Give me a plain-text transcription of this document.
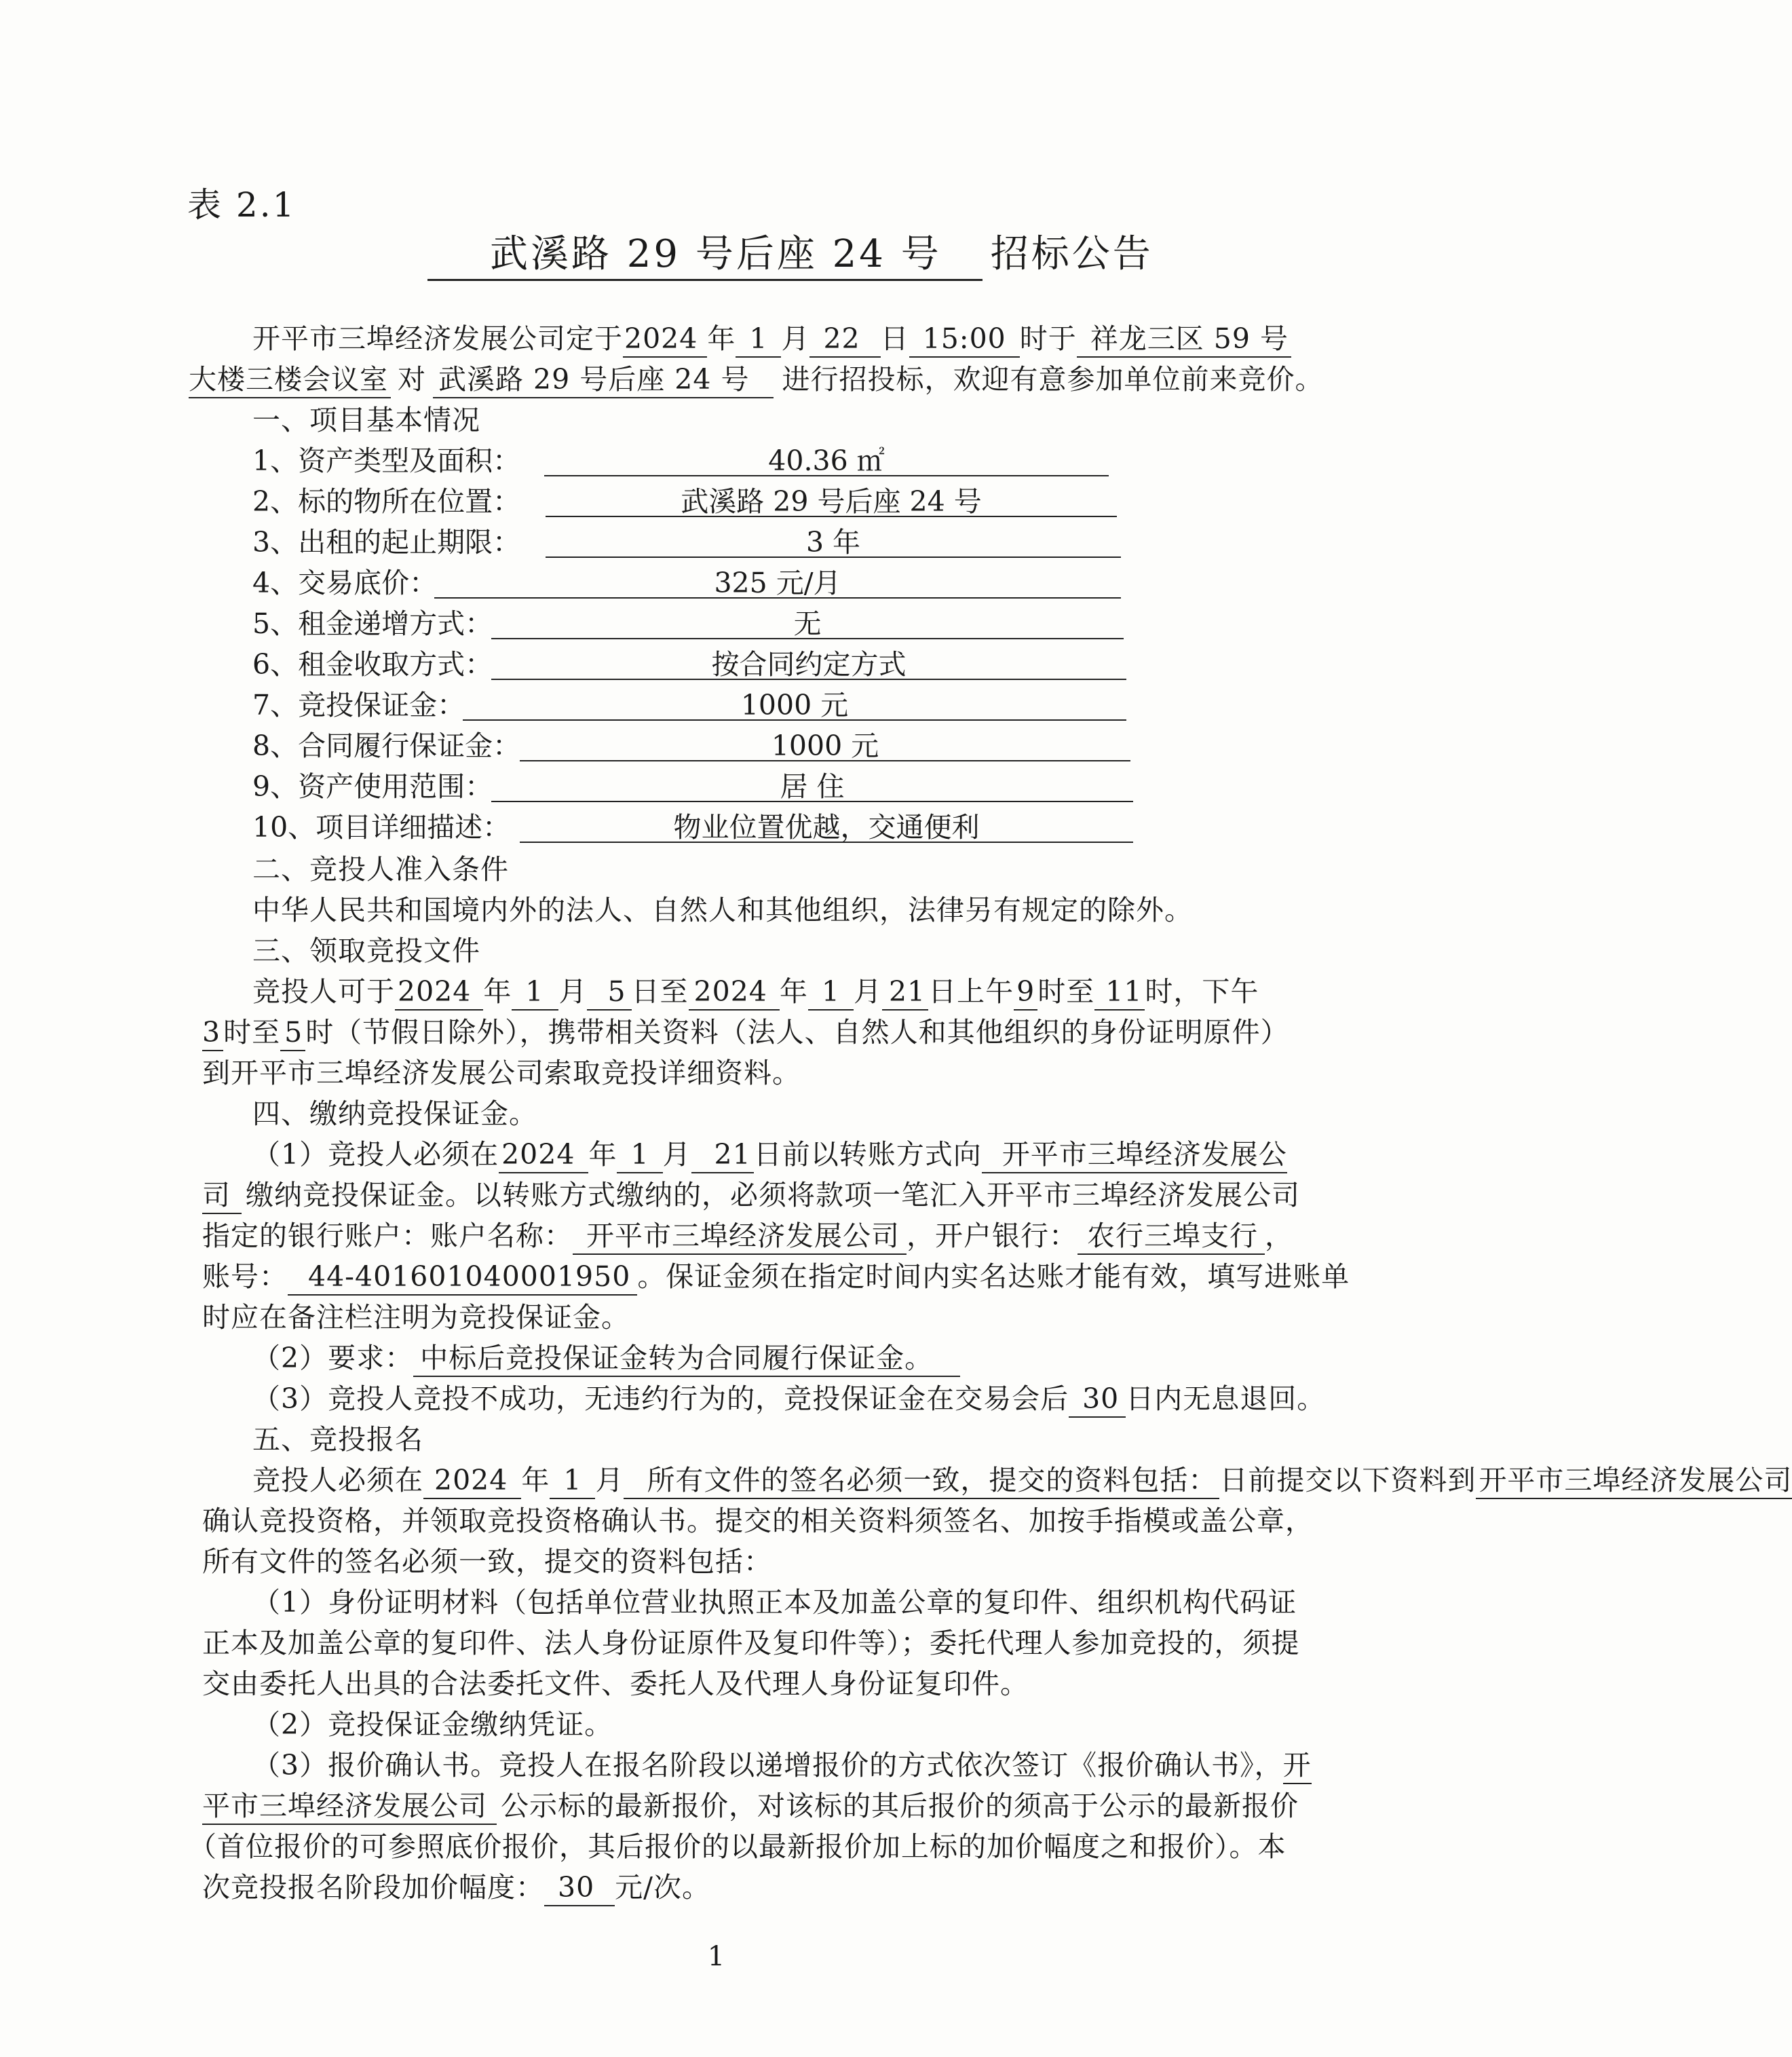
表 2.1
武溪路 29 号后座 24 号 招标公告
开平市三埠经济发展公司定于2024 年 1 月 22 日 15:00 时于 祥龙三区 59 号
大楼三楼会议室 对 武溪路 29 号后座 24 号 进行招投标，欢迎有意参加单位前来竞价。
一、项目基本情况
1、资产类型及面积：	40.36 ㎡
2、标的物所在位置：	武溪路 29 号后座 24 号
3、出租的起止期限：	3 年
4、交易底价：	325 元/月
5、租金递增方式：	无
6、租金收取方式：	按合同约定方式
7、竞投保证金：	1000 元
8、合同履行保证金：	1000 元
9、资产使用范围：	居 住
10、项目详细描述：	物业位置优越，交通便利
二、竞投人准入条件
中华人民共和国境内外的法人、自然人和其他组织，法律另有规定的除外。
三、领取竞投文件
竞投人可于2024 年 1 月 5 日至 2024 年 1 月 21日上午9时至 11时，下午
3时至 5时（节假日除外），携带相关资料（法人、自然人和其他组织的身份证明原件）
到开平市三埠经济发展公司索取竞投详细资料。
四、缴纳竞投保证金。
（1）竞投人必须在2024 年 1 月 21日前以转账方式向 开平市三埠经济发展公
司 缴纳竞投保证金。以转账方式缴纳的，必须将款项一笔汇入开平市三埠经济发展公司
指定的银行账户：账户名称： 开平市三埠经济发展公司 ，开户银行： 农行三埠支行 ，
账号： 44-401601040001950 。保证金须在指定时间内实名达账才能有效，填写进账单
时应在备注栏注明为竞投保证金。
（2）要求： 中标后竞投保证金转为合同履行保证金。
（3）竞投人竞投不成功，无违约行为的，竞投保证金在交易会后 30 日内无息退回。
五、竞投报名
竞投人必须在 2024 年 1 月 所有文件的签名必须一致，提交的资料包括：日前提交以下资料到开平市三埠经济发展公司
确认竞投资格，并领取竞投资格确认书。提交的相关资料须签名、加按手指模或盖公章，
所有文件的签名必须一致，提交的资料包括：
（1）身份证明材料（包括单位营业执照正本及加盖公章的复印件、组织机构代码证
正本及加盖公章的复印件、法人身份证原件及复印件等）；委托代理人参加竞投的，须提
交由委托人出具的合法委托文件、委托人及代理人身份证复印件。
（2）竞投保证金缴纳凭证。
（3）报价确认书。竞投人在报名阶段以递增报价的方式依次签订《报价确认书》，开
平市三埠经济发展公司 公示标的最新报价，对该标的其后报价的须高于公示的最新报价
（首位报价的可参照底价报价，其后报价的以最新报价加上标的加价幅度之和报价）。本
次竞投报名阶段加价幅度： 30 元/次。
1
